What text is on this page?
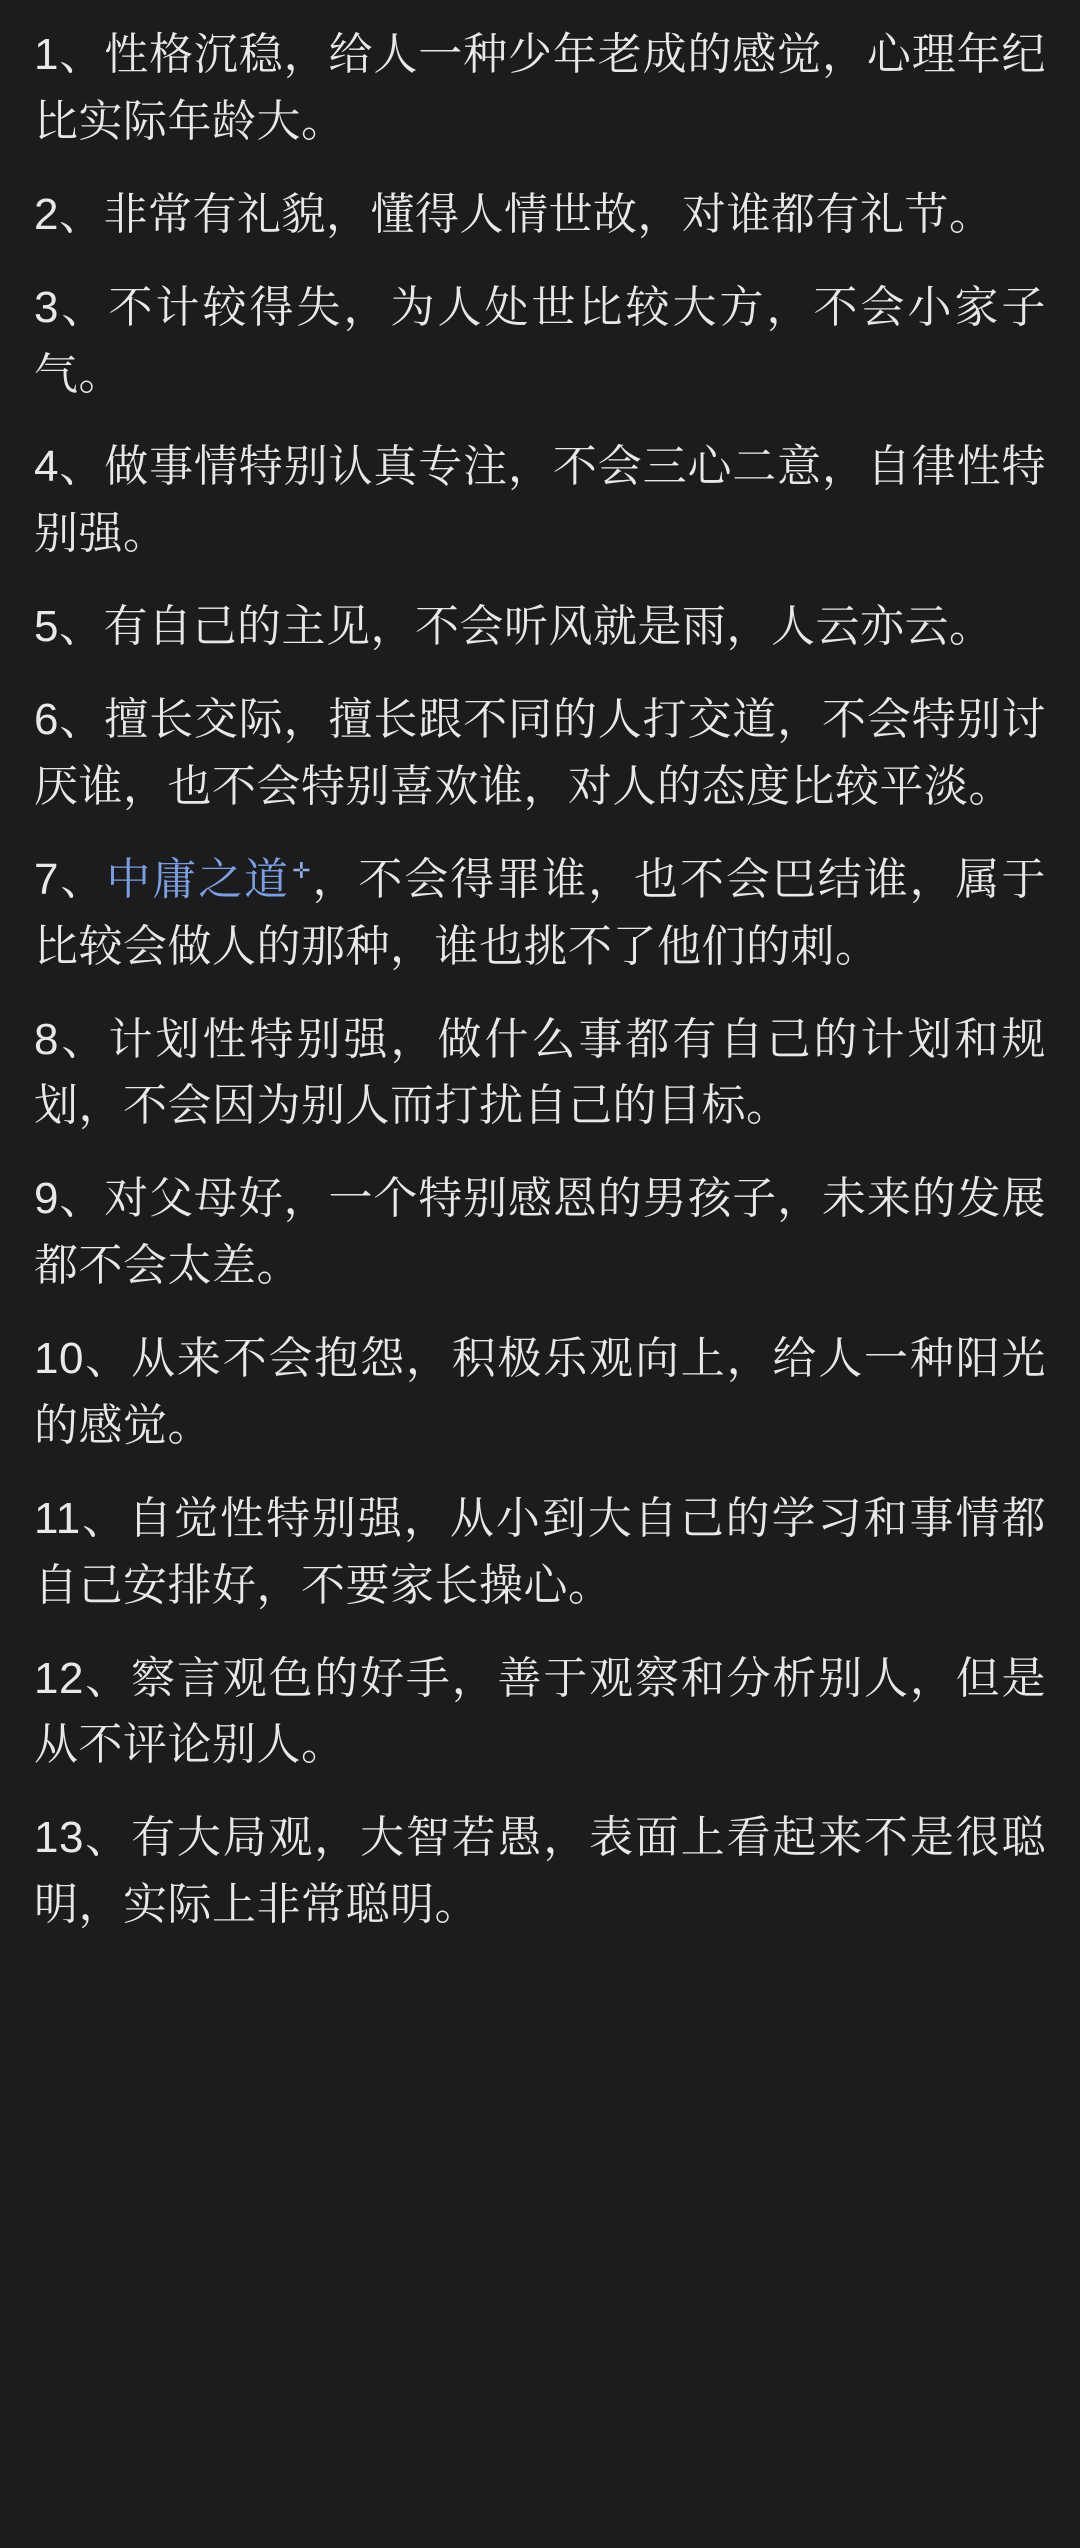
1、性格沉稳，给人一种少年老成的感觉，心理年纪比实际年龄大。

2、非常有礼貌，懂得人情世故，对谁都有礼节。

3、不计较得失，为人处世比较大方，不会小家子气。

4、做事情特别认真专注，不会三心二意，自律性特别强。

5、有自己的主见，不会听风就是雨，人云亦云。

6、擅长交际，擅长跟不同的人打交道，不会特别讨厌谁，也不会特别喜欢谁，对人的态度比较平淡。

7、中庸之道✛，不会得罪谁，也不会巴结谁，属于比较会做人的那种，谁也挑不了他们的刺。

8、计划性特别强，做什么事都有自己的计划和规划，不会因为别人而打扰自己的目标。

9、对父母好，一个特别感恩的男孩子，未来的发展都不会太差。

10、从来不会抱怨，积极乐观向上，给人一种阳光的感觉。

11、自觉性特别强，从小到大自己的学习和事情都自己安排好，不要家长操心。

12、察言观色的好手，善于观察和分析别人，但是从不评论别人。

13、有大局观，大智若愚，表面上看起来不是很聪明，实际上非常聪明。
